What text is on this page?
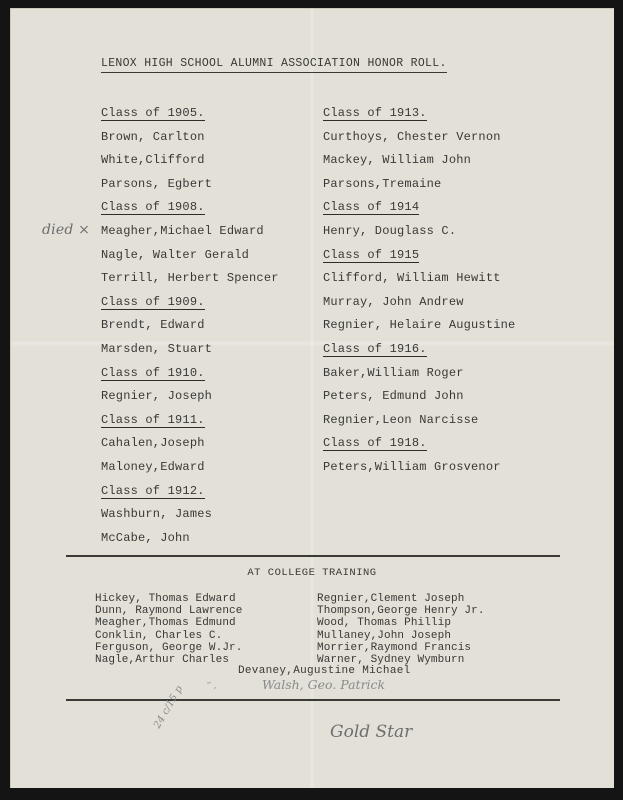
LENOX HIGH SCHOOL ALUMNI ASSOCIATION HONOR ROLL.
Class of 1905.
Brown, Carlton
White,Clifford
Parsons, Egbert
Class of 1908.
died × Meagher,Michael Edward
Nagle, Walter Gerald
Terrill, Herbert Spencer
Class of 1909.
Brendt, Edward
Marsden, Stuart
Class of 1910.
Regnier, Joseph
Class of 1911.
Cahalen,Joseph
Maloney,Edward
Class of 1912.
Washburn, James
McCabe, John
Class of 1913.
Curthoys, Chester Vernon
Mackey, William John
Parsons,Tremaine
Class of 1914
Henry, Douglass C.
Class of 1915
Clifford, William Hewitt
Murray, John Andrew
Regnier, Helaire Augustine
Class of 1916.
Baker,William Roger
Peters, Edmund John
Regnier,Leon Narcisse
Class of 1918.
Peters,William Grosvenor
AT COLLEGE TRAINING
Hickey, Thomas Edward
Dunn, Raymond Lawrence
Meagher,Thomas Edmund
Conklin, Charles C.
Ferguson, George W.Jr.
Nagle,Arthur Charles
Regnier,Clement Joseph
Thompson,George Henry Jr.
Wood, Thomas Phillip
Mullaney,John Joseph
Morrier,Raymond Francis
Warner, Sydney Wymburn
Devaney,Augustine Michael
‴ ,	Walsh, Geo. Patrick
24 c/15 p
Gold Star
